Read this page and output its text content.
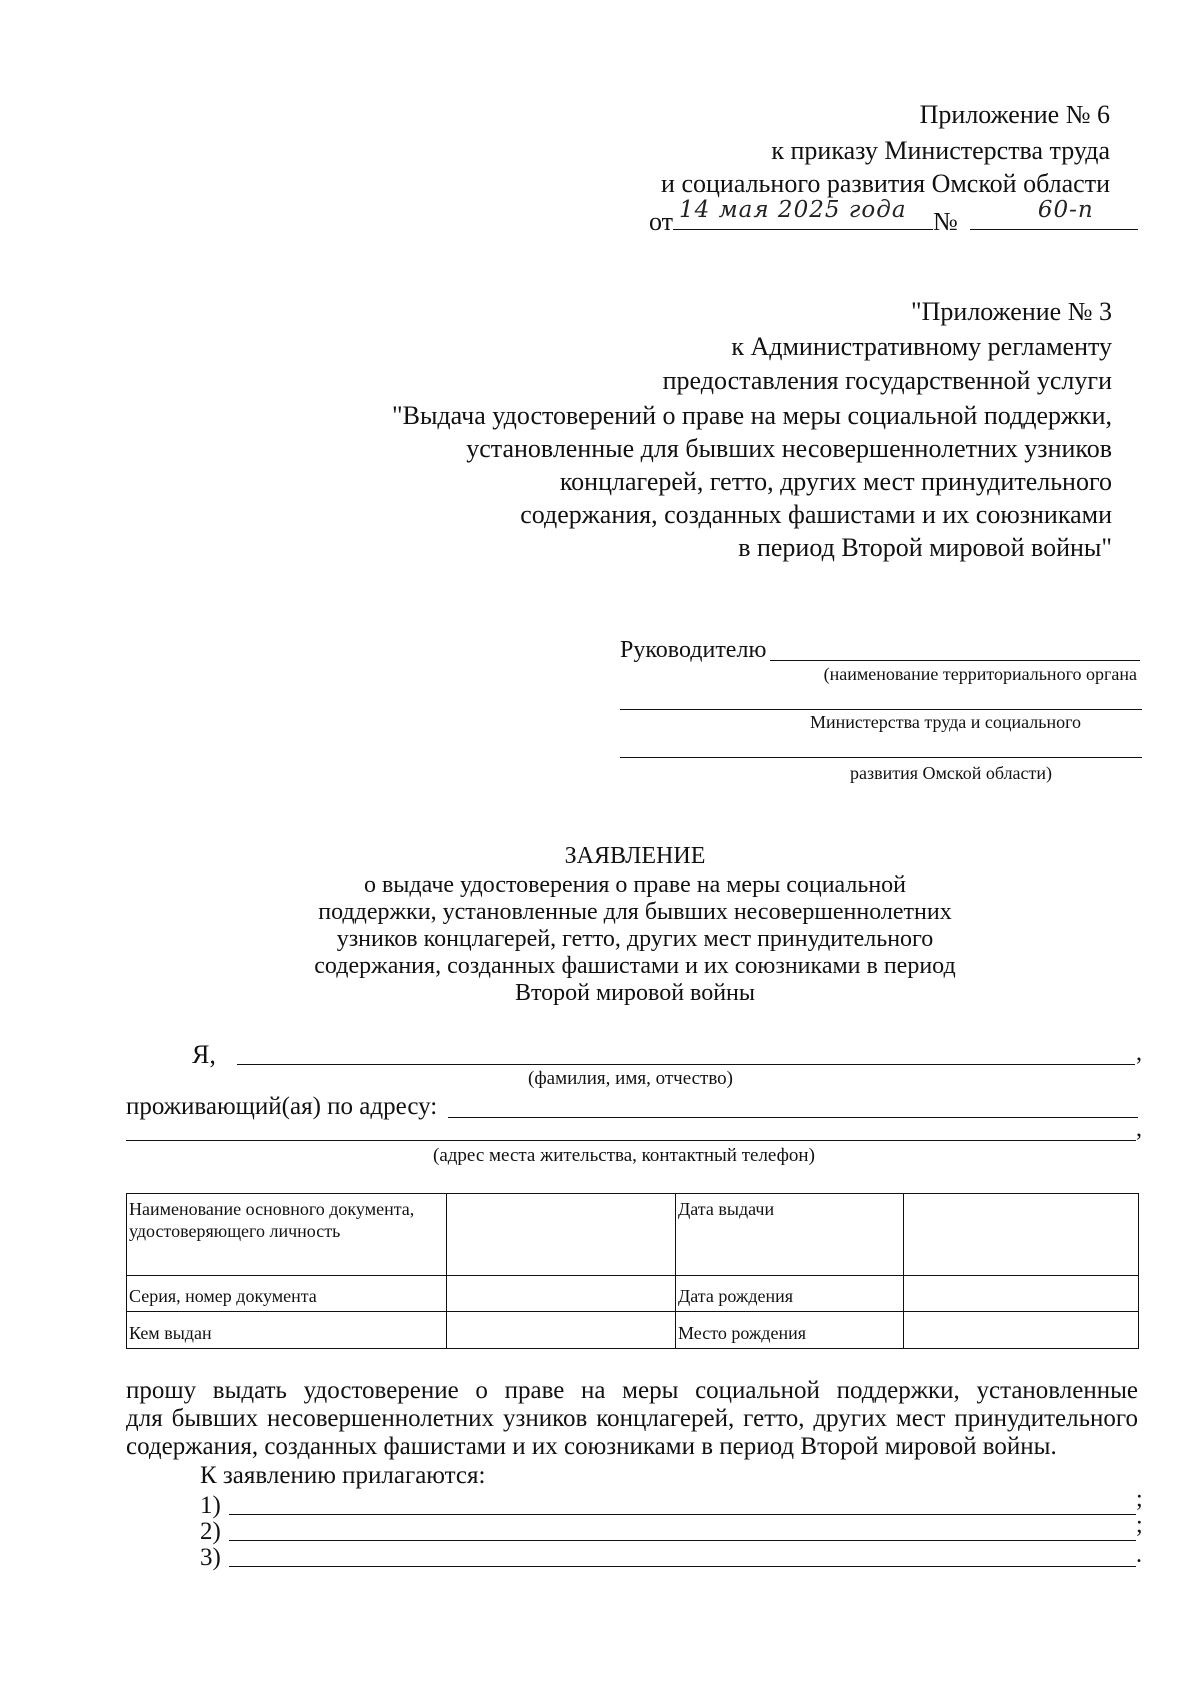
Приложение № 6
к приказу Министерства труда
и социального развития Омской области
от 14 мая 2025 года №	60-п
"Приложение № 3
к Административному регламенту
предоставления государственной услуги
"Выдача удостоверений о праве на меры социальной поддержки,
установленные для бывших несовершеннолетних узников
концлагерей, гетто, других мест принудительного
содержания, созданных фашистами и их союзниками
в период Второй мировой войны"
Руководителю
(наименование территориального органа
Министерства труда и социального
развития Омской области)
ЗАЯВЛЕНИЕ
о выдаче удостоверения о праве на меры социальной
поддержки, установленные для бывших несовершеннолетних
узников концлагерей, гетто, других мест принудительного
содержания, созданных фашистами и их союзниками в период
Второй мировой войны
Я,	,
(фамилия, имя, отчество)
проживающий(ая) по адресу:
,
(адрес места жительства, контактный телефон)
Наименование основного документа, удостоверяющего личность		Дата выдачи	
Серия, номер документа		Дата рождения	
Кем выдан		Место рождения	
прошу выдать удостоверение о праве на меры социальной поддержки, установленные
для бывших несовершеннолетних узников концлагерей, гетто, других мест принудительного
содержания, созданных фашистами и их союзниками в период Второй мировой войны.
К заявлению прилагаются:
1)	;
2)	;
3)	.
